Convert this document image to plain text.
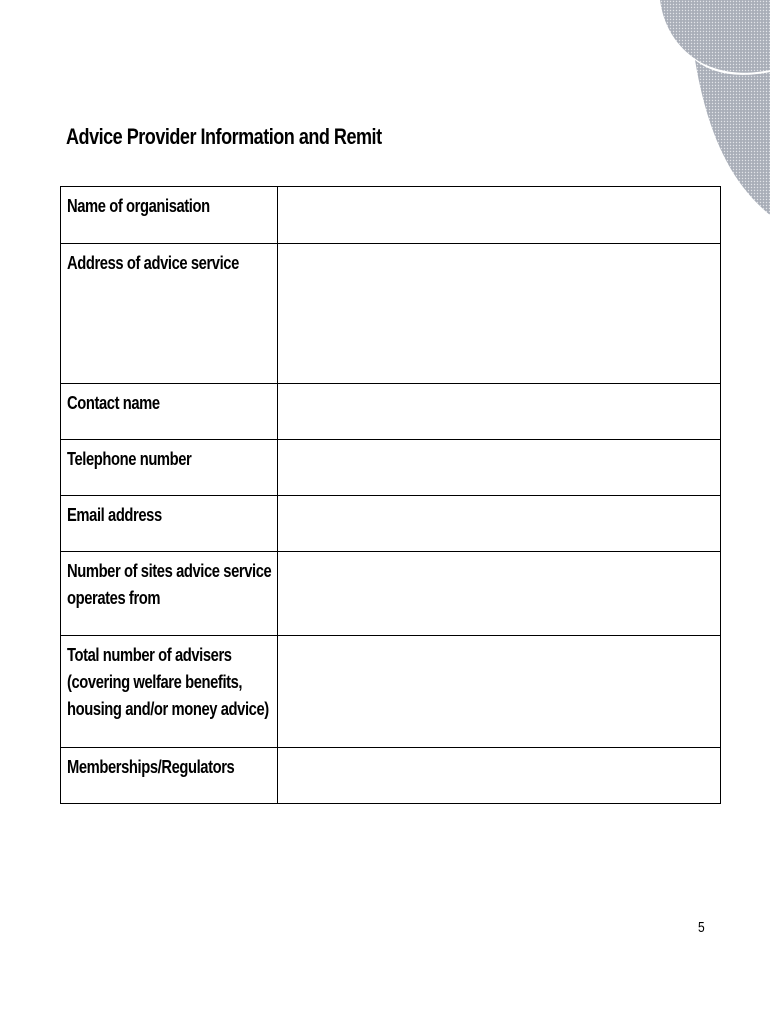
Advice Provider Information and Remit
Name of organisation	

Address of advice service	

Contact name	

Telephone number	

Email address	

Number of sites advice service operates from	

Total number of advisers (covering welfare benefits, housing and/or money advice)	

Memberships/Regulators	

5
